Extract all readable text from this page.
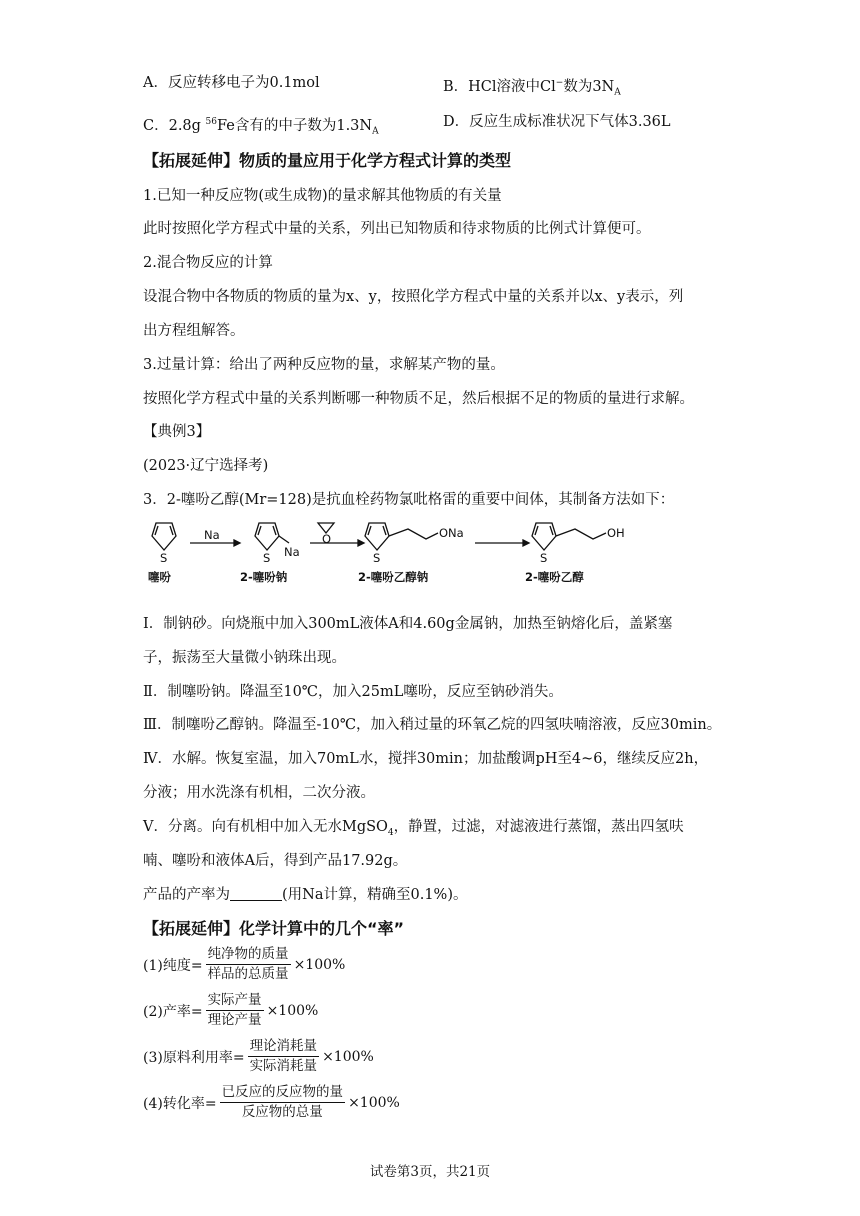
A．反应转移电子为0.1mol	B．HCl溶液中Cl−数为$3N_A$
C．2.8g $^{56}$Fe含有的中子数为$1.3N_A$
D．反应生成标准状况下气体3.36L
【拓展延伸】物质的量应用于化学方程式计算的类型
1.已知一种反应物(或生成物)的量求解其他物质的有关量
此时按照化学方程式中量的关系，列出已知物质和待求物质的比例式计算便可。
2.混合物反应的计算
设混合物中各物质的物质的量为x、y，按照化学方程式中量的关系并以x、y表示，列
出方程组解答。
3.过量计算：给出了两种反应物的量，求解某产物的量。
按照化学方程式中量的关系判断哪一种物质不足，然后根据不足的物质的量进行求解。
【典例3】
(2023·辽宁选择考)
3．2-噻吩乙醇(Mr=128)是抗血栓药物氯吡格雷的重要中间体，其制备方法如下：
S
Na
S Na
O
S
ONa
S
OH
噻吩	2-噻吩钠	2-噻吩乙醇钠	2-噻吩乙醇
Ⅰ．制钠砂。向烧瓶中加入300mL液体A和4.60g金属钠，加热至钠熔化后，盖紧塞
子，振荡至大量微小钠珠出现。
Ⅱ．制噻吩钠。降温至10℃，加入25mL噻吩，反应至钠砂消失。
Ⅲ．制噻吩乙醇钠。降温至-10℃，加入稍过量的环氧乙烷的四氢呋喃溶液，反应30min。
Ⅳ．水解。恢复室温，加入70mL水，搅拌30min；加盐酸调pH至4~6，继续反应2h，
分液；用水洗涤有机相，二次分液。
Ⅴ．分离。向有机相中加入无水MgSO$_4$，静置，过滤，对滤液进行蒸馏，蒸出四氢呋
喃、噻吩和液体A后，得到产品17.92g。
产品的产率为	(用Na计算，精确至0.1%)。
【拓展延伸】化学计算中的几个“率”
(1)纯度= $\frac{\text{纯净物的质量}}{\text{样品的总质量}} \times 100\%$
(2)产率= $\frac{\text{实际产量}}{\text{理论产量}} \times 100\%$
(3)原料利用率= $\frac{\text{理论消耗量}}{\text{实际消耗量}} \times 100\%$
(4)转化率= $\frac{\text{已反应的反应物的量}}{\text{反应物的总量}} \times 100\%$
试卷第3页，共21页
